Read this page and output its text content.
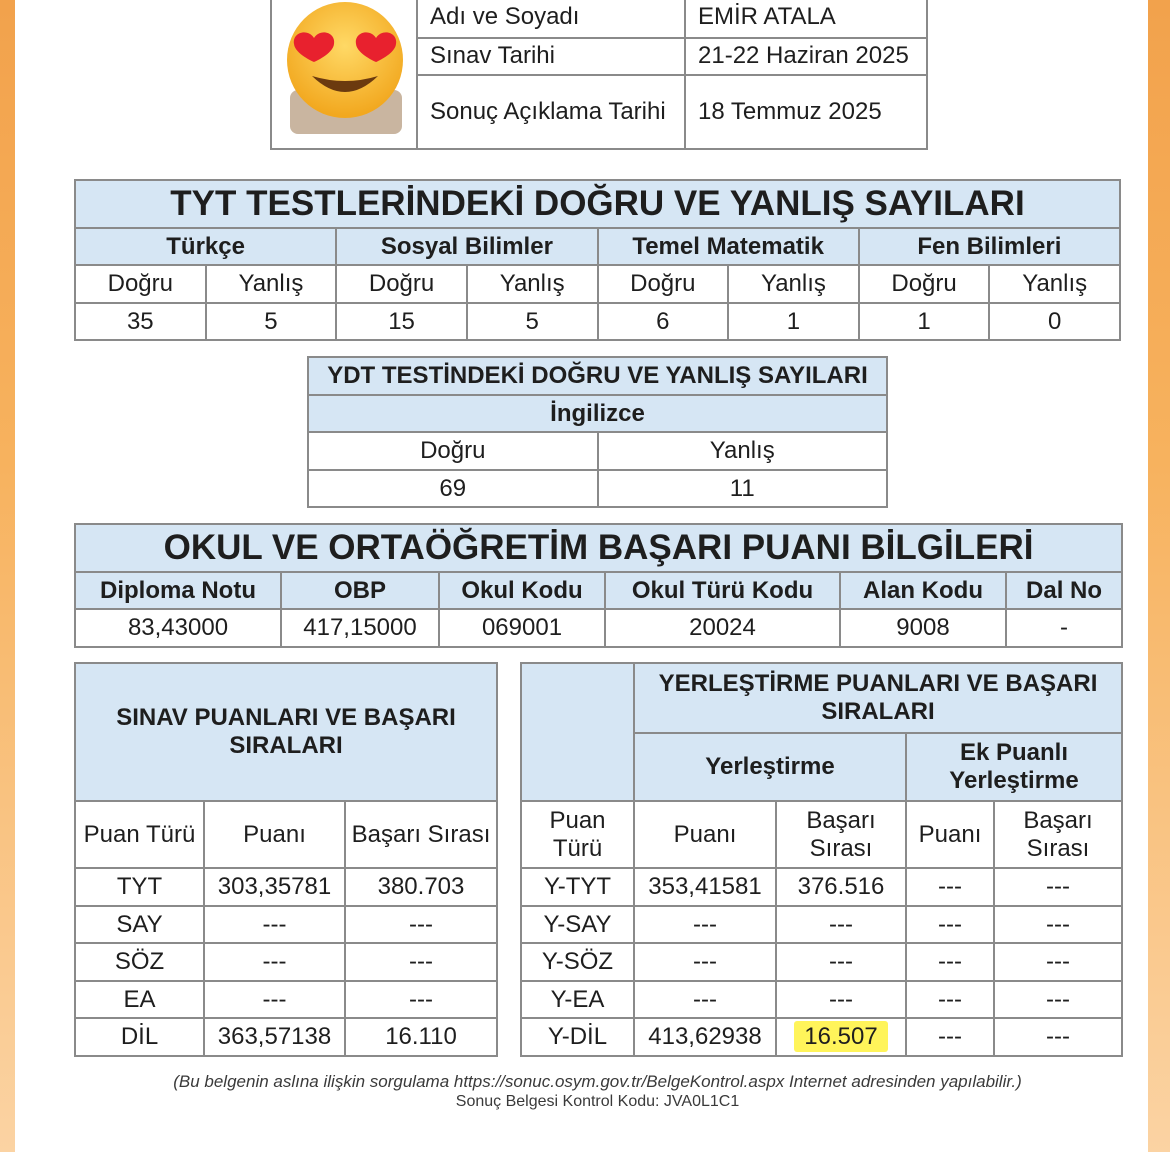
	Adı ve Soyadı	EMİR ATALA
	Sınav Tarihi	21-22 Haziran 2025
	Sonuç Açıklama Tarihi	18 Temmuz 2025
TYT TESTLERİNDEKİ DOĞRU VE YANLIŞ SAYILARI							
Türkçe		Sosyal Bilimler		Temel Matematik		Fen Bilimleri	
Doğru	Yanlış	Doğru	Yanlış	Doğru	Yanlış	Doğru	Yanlış
35	5	15	5	6	1	1	0
YDT TESTİNDEKİ DOĞRU VE YANLIŞ SAYILARI	
İngilizce	
Doğru	Yanlış
69	11
OKUL VE ORTAÖĞRETİM BAŞARI PUANI BİLGİLERİ					
Diploma Notu	OBP	Okul Kodu	Okul Türü Kodu	Alan Kodu	Dal No
83,43000	417,15000	069001	20024	9008	-
SINAV PUANLARI VE BAŞARI SIRALARI		
Puan Türü	Puanı	Başarı Sırası
TYT	303,35781	380.703
SAY	---	---
SÖZ	---	---
EA	---	---
DİL	363,57138	16.110
	YERLEŞTİRME PUANLARI VE BAŞARI SIRALARI			
	Yerleştirme		Ek Puanlı Yerleştirme	
Puan Türü	Puanı	Başarı Sırası	Puanı	Başarı Sırası
Y-TYT	353,41581	376.516	---	---
Y-SAY	---	---	---	---
Y-SÖZ	---	---	---	---
Y-EA	---	---	---	---
Y-DİL	413,62938	16.507	---	---
(Bu belgenin aslına ilişkin sorgulama https://sonuc.osym.gov.tr/BelgeKontrol.aspx Internet adresinden yapılabilir.)
Sonuç Belgesi Kontrol Kodu: JVA0L1C1
